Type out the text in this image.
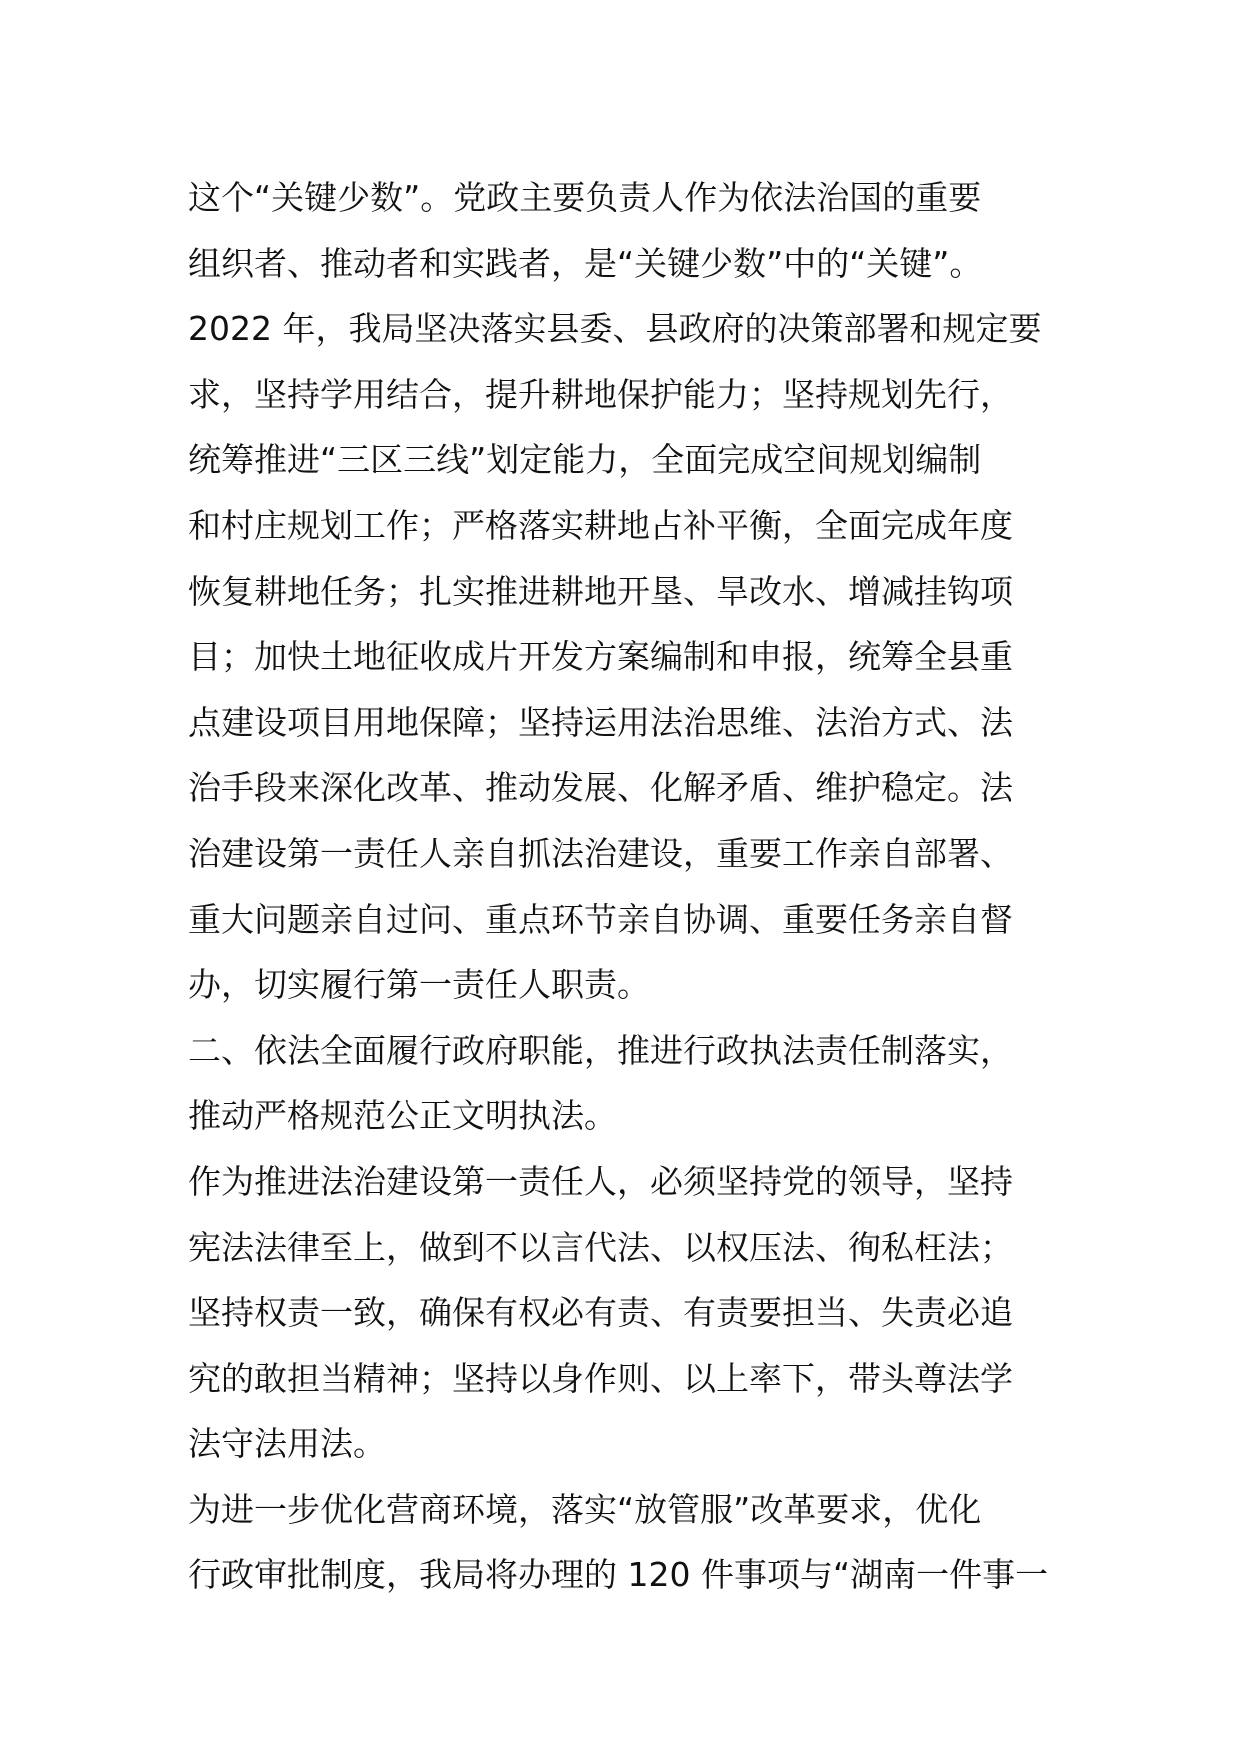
这个“关键少数”。党政主要负责人作为依法治国的重要
组织者、推动者和实践者，是“关键少数”中的“关键”。
2022 年，我局坚决落实县委、县政府的决策部署和规定要
求，坚持学用结合，提升耕地保护能力；坚持规划先行，
统筹推进“三区三线”划定能力，全面完成空间规划编制
和村庄规划工作；严格落实耕地占补平衡，全面完成年度
恢复耕地任务；扎实推进耕地开垦、旱改水、增减挂钩项
目；加快土地征收成片开发方案编制和申报，统筹全县重
点建设项目用地保障；坚持运用法治思维、法治方式、法
治手段来深化改革、推动发展、化解矛盾、维护稳定。法
治建设第一责任人亲自抓法治建设，重要工作亲自部署、
重大问题亲自过问、重点环节亲自协调、重要任务亲自督
办，切实履行第一责任人职责。
二、依法全面履行政府职能，推进行政执法责任制落实，
推动严格规范公正文明执法。
作为推进法治建设第一责任人，必须坚持党的领导，坚持
宪法法律至上，做到不以言代法、以权压法、徇私枉法；
坚持权责一致，确保有权必有责、有责要担当、失责必追
究的敢担当精神；坚持以身作则、以上率下，带头尊法学
法守法用法。
为进一步优化营商环境，落实“放管服”改革要求，优化
行政审批制度，我局将办理的 120 件事项与“湖南一件事一
